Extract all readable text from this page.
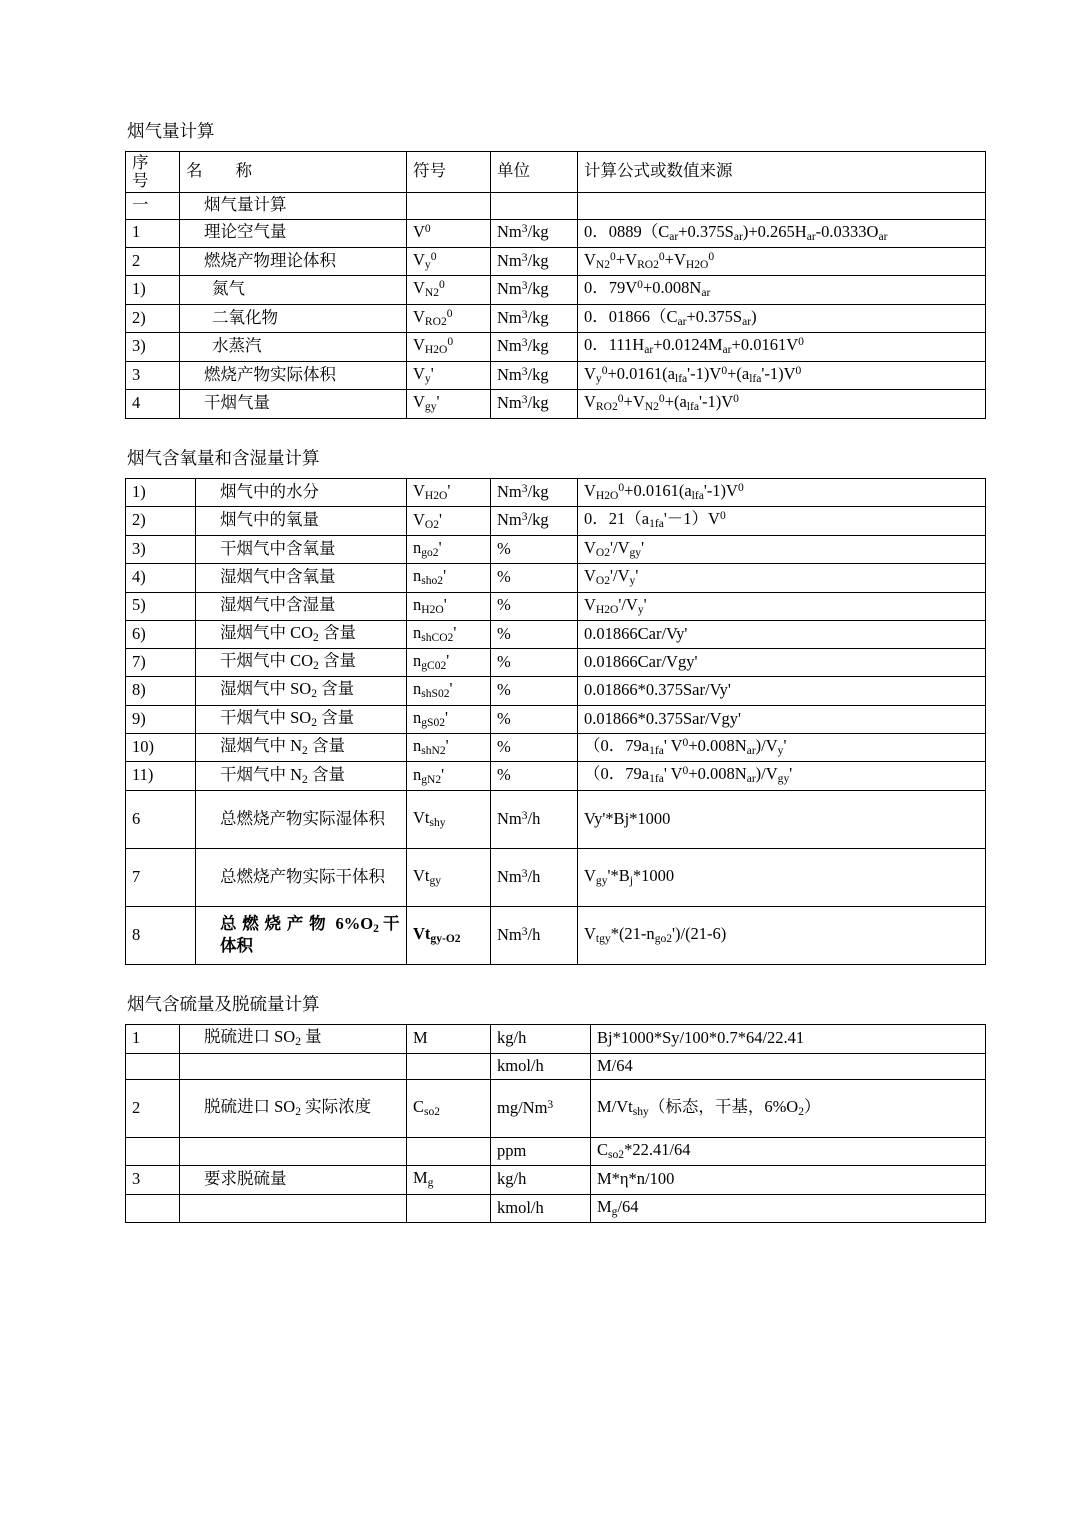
烟气量计算
序
号	名　　称	符号	单位	计算公式或数值来源
一	烟气量计算			

1	理论空气量	$V^0$	Nm$^3$/kg	0．$0889(C_{ar}+0.375S_{ar})+0.265H_{ar}-0.0333O_{ar}$
2	燃烧产物理论体积	$V_y^0$	Nm$^3$/kg	$V_{N2}^0+V_{RO2}^0+V_{H2O}^0$
1)	氮气	$V_{N2}^0$	Nm$^3$/kg	0．$79V^0+0.008N_{ar}$
2)	二氧化物	$V_{RO2}^0$	Nm$^3$/kg	0．$01866(C_{ar}+0.375S_{ar})$
3)	水蒸汽	$V_{H2O}^0$	Nm$^3$/kg	0．$111H_{ar}+0.0124M_{ar}+0.0161V^0$
3	燃烧产物实际体积	$V_y'$	Nm$^3$/kg	$V_y^0+0.0161(a_{lfa}'-1)V^0+(a_{lfa}'-1)V^0$
4	干烟气量	$V_{gy}'$	Nm$^3$/kg	$V_{RO2}^0+V_{N2}^0+(a_{lfa}'-1)V^0$
烟气含氧量和含湿量计算
1)	烟气中的水分	$V_{H2O}'$	Nm$^3$/kg	$V_{H2O}^0+0.0161(a_{lfa}'-1)V^0$
2)	烟气中的氧量	$V_{O2}'$	Nm$^3$/kg	0．$21(a_{1fa}'-1)V^0$
3)	干烟气中含氧量	$n_{go2}'$	%	$V_{O2}'/V_{gy}'$
4)	湿烟气中含氧量	$n_{sho2}'$	%	$V_{O2}'/V_y'$
5)	湿烟气中含湿量	$n_{H2O}'$	%	$V_{H2O}'/V_y'$
6)	湿烟气中 $CO_2$ 含量	$n_{shCO2}'$	%	0.01866Car/Vy'
7)	干烟气中 $CO_2$ 含量	$n_{gC02}'$	%	0.01866Car/Vgy'
8)	湿烟气中 $SO_2$ 含量	$n_{shS02}'$	%	0.01866*0.375Sar/Vy'
9)	干烟气中 $SO_2$ 含量	$n_{gS02}'$	%	0.01866*0.375Sar/Vgy'
10)	湿烟气中 $N_2$ 含量	$n_{shN2}'$	%	（0．$79a_{1fa}'$ $V^0+0.008N_{ar})/V_y'$
11)	干烟气中 $N_2$ 含量	$n_{gN2}'$	%	（0．$79a_{1fa}'$ $V^0+0.008N_{ar})/V_{gy}'$
6	总燃烧产物实际湿体积	$Vt_{shy}$	Nm$^3$/h	Vy'*Bj*1000
7	总燃烧产物实际干体积	$Vt_{gy}$	Nm$^3$/h	$V_{gy}'*B_j*1000$
8	总燃烧产物 $6\%O_2$ 干体积	$Vt_{gy-O2}$	Nm$^3$/h	$V_{tgy}*(21-n_{go2}')/(21-6)$
烟气含硫量及脱硫量计算
1	脱硫进口 $SO_2$ 量	M	kg/h	Bj*1000*Sy/100*0.7*64/22.41
			kmol/h	M/64
2	脱硫进口 $SO_2$ 实际浓度	$C_{so2}$	mg/Nm$^3$	$M/Vt_{shy}$（标态，干基，$6\%O_2$）
			ppm	$C_{so2}*22.41/64$
3	要求脱硫量	$M_g$	kg/h	M*η*n/100
			kmol/h	$M_g/64$
